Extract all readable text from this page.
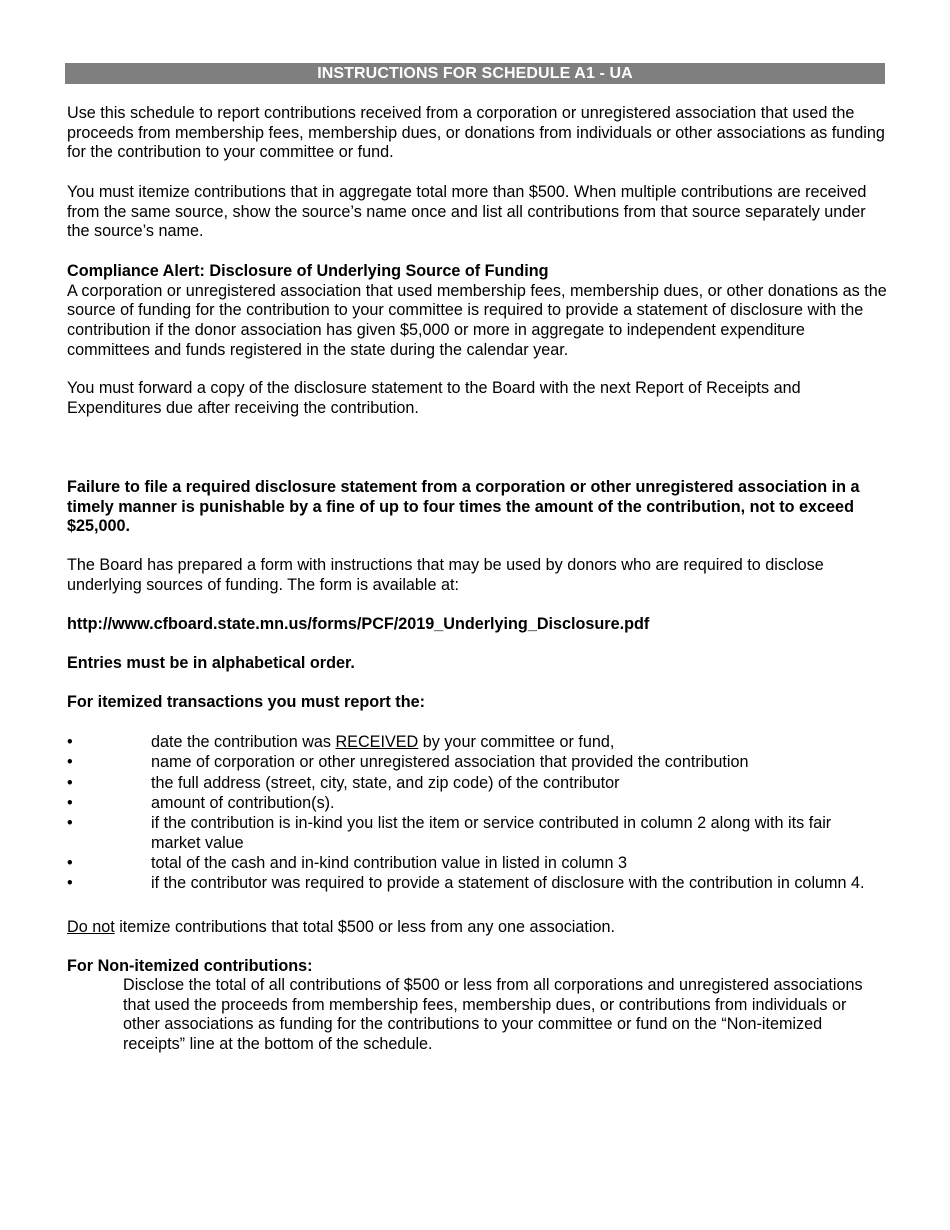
INSTRUCTIONS FOR SCHEDULE A1 - UA

Use this schedule to report contributions received from a corporation or unregistered association that used the proceeds from membership fees, membership dues, or donations from individuals or other associations as funding for the contribution to your committee or fund.

You must itemize contributions that in aggregate total more than $500. When multiple contributions are received from the same source, show the source’s name once and list all contributions from that source separately under the source’s name.

Compliance Alert: Disclosure of Underlying Source of Funding
A corporation or unregistered association that used membership fees, membership dues, or other donations as the source of funding for the contribution to your committee is required to provide a statement of disclosure with the contribution if the donor association has given $5,000 or more in aggregate to independent expenditure committees and funds registered in the state during the calendar year.

You must forward a copy of the disclosure statement to the Board with the next Report of Receipts and Expenditures due after receiving the contribution.

Failure to file a required disclosure statement from a corporation or other unregistered association in a timely manner is punishable by a fine of up to four times the amount of the contribution, not to exceed $25,000.

The Board has prepared a form with instructions that may be used by donors who are required to disclose underlying sources of funding. The form is available at:

http://www.cfboard.state.mn.us/forms/PCF/2019_Underlying_Disclosure.pdf

Entries must be in alphabetical order.

For itemized transactions you must report the:

•	date the contribution was RECEIVED by your committee or fund,
•	name of corporation or other unregistered association that provided the contribution
•	the full address (street, city, state, and zip code) of the contributor
•	amount of contribution(s).
•	if the contribution is in-kind you list the item or service contributed in column 2 along with its fair market value
•	total of the cash and in-kind contribution value in listed in column 3
•	if the contributor was required to provide a statement of disclosure with the contribution in column 4.

Do not itemize contributions that total $500 or less from any one association.

For Non-itemized contributions:

Disclose the total of all contributions of $500 or less from all corporations and unregistered associations that used the proceeds from membership fees, membership dues, or contributions from individuals or other associations as funding for the contributions to your committee or fund on the “Non-itemized receipts” line at the bottom of the schedule.
